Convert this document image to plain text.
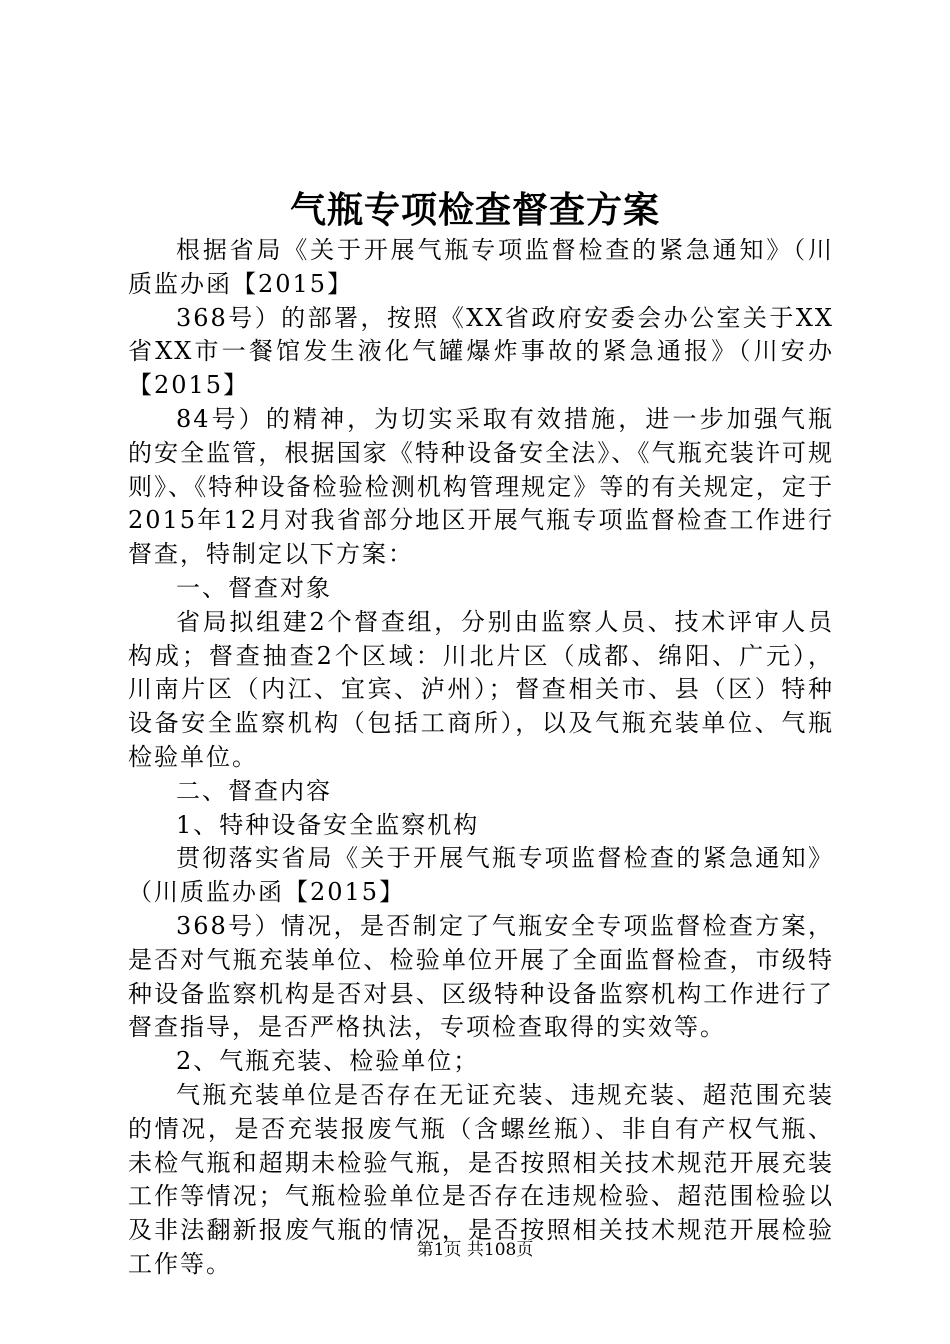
气瓶专项检查督查方案

根据省局《关于开展气瓶专项监督检查的紧急通知》（川质监办函【2015】

368号）的部署，按照《XX省政府安委会办公室关于XX省XX市一餐馆发生液化气罐爆炸事故的紧急通报》（川安办【2015】

84号）的精神，为切实采取有效措施，进一步加强气瓶的安全监管，根据国家《特种设备安全法》、《气瓶充装许可规则》、《特种设备检验检测机构管理规定》等的有关规定，定于2015年12月对我省部分地区开展气瓶专项监督检查工作进行督查，特制定以下方案：

一、督查对象

省局拟组建2个督查组，分别由监察人员、技术评审人员构成；督查抽查2个区域：川北片区（成都、绵阳、广元），川南片区（内江、宜宾、泸州）；督查相关市、县（区）特种设备安全监察机构（包括工商所），以及气瓶充装单位、气瓶检验单位。

二、督查内容

1、特种设备安全监察机构

贯彻落实省局《关于开展气瓶专项监督检查的紧急通知》（川质监办函【2015】

368号）情况，是否制定了气瓶安全专项监督检查方案，是否对气瓶充装单位、检验单位开展了全面监督检查，市级特种设备监察机构是否对县、区级特种设备监察机构工作进行了督查指导，是否严格执法，专项检查取得的实效等。

2、气瓶充装、检验单位；

气瓶充装单位是否存在无证充装、违规充装、超范围充装的情况，是否充装报废气瓶（含螺丝瓶）、非自有产权气瓶、未检气瓶和超期未检验气瓶，是否按照相关技术规范开展充装工作等情况；气瓶检验单位是否存在违规检验、超范围检验以及非法翻新报废气瓶的情况，是否按照相关技术规范开展检验工作等。	第1页 共108页
